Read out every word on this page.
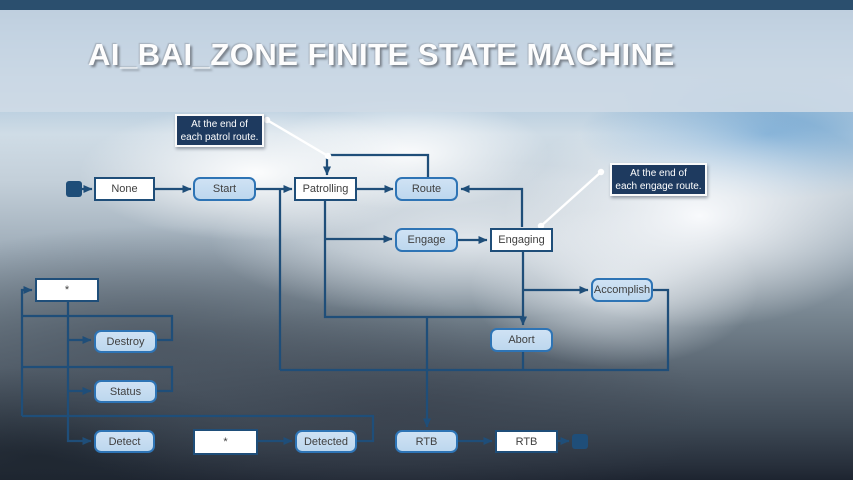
AI_BAI_ZONE FINITE STATE MACHINE
None	Start	Patrolling	Route
Engage	Engaging
Accomplish
Abort
*
Destroy
Status
Detect	*	Detected	RTB	RTB
At the end of
each patrol route.
At the end of
each engage route.
